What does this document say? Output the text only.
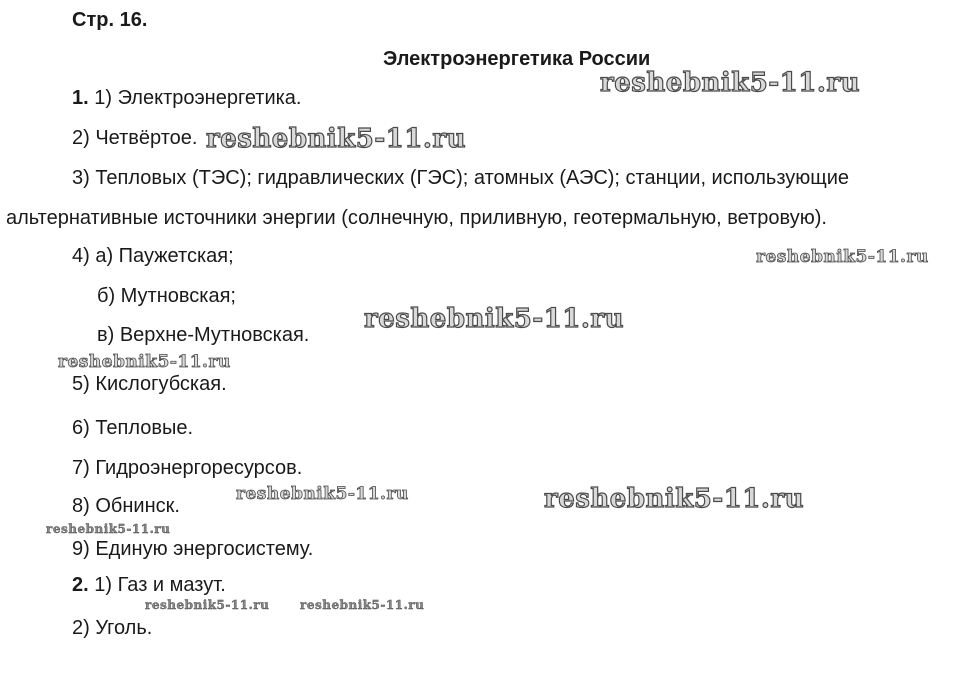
Стр. 16.
Электроэнергетика России
1. 1) Электроэнергетика.
2) Четвёртое.
3) Тепловых (ТЭС); гидравлических (ГЭС); атомных (АЭС); станции, использующие
альтернативные источники энергии (солнечную, приливную, геотермальную, ветровую).
4) а) Паужетская;
б) Мутновская;
в) Верхне-Мутновская.
5) Кислогубская.
6) Тепловые.
7) Гидроэнергоресурсов.
8) Обнинск.
9) Единую энергосистему.
2. 1) Газ и мазут.
2) Уголь.
reshebnik5-11.ru
reshebnik5-11.ru
reshebnik5-11.ru
reshebnik5-11.ru
reshebnik5-11.ru
reshebnik5-11.ru	reshebnik5-11.ru
reshebnik5-11.ru
reshebnik5-11.ru	reshebnik5-11.ru
